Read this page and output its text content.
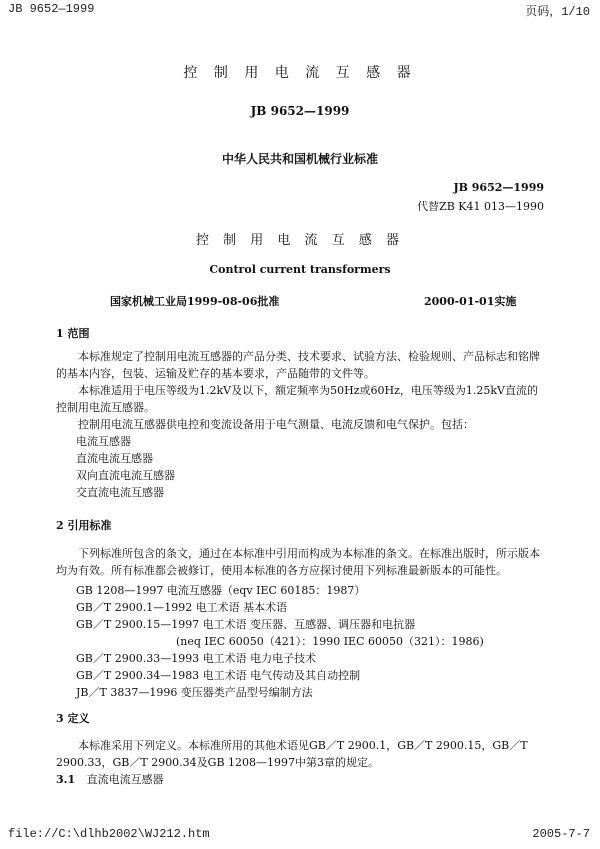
JB 9652—1999	页码，1/10
控 制 用 电 流 互 感 器
JB 9652—1999
中华人民共和国机械行业标准
JB 9652—1999
代替ZB K41 013—1990
控 制 用 电 流 互 感 器
Control current transformers
国家机械工业局1999-08-06批准	2000-01-01实施
1 范围
本标准规定了控制用电流互感器的产品分类、技术要求、试验方法、检验规则、产品标志和铭牌的基本内容，包装、运输及贮存的基本要求，产品随带的文件等。
本标准适用于电压等级为1.2kV及以下，额定频率为50Hz或60Hz，电压等级为1.25kV直流的控制用电流互感器。
控制用电流互感器供电控和变流设备用于电气测量、电流反馈和电气保护。包括：
电流互感器
直流电流互感器
双向直流电流互感器
交直流电流互感器
2 引用标准
下列标准所包含的条文，通过在本标准中引用而构成为本标准的条文。在标准出版时，所示版本均为有效。所有标准都会被修订，使用本标准的各方应探讨使用下列标准最新版本的可能性。
GB 1208—1997 电流互感器（eqv IEC 60185：1987）
GB／T 2900.1—1992 电工术语 基本术语
GB／T 2900.15—1997 电工术语 变压器、互感器、调压器和电抗器
(neq IEC 60050（421）：1990 IEC 60050（321）：1986)
GB／T 2900.33—1993 电工术语 电力电子技术
GB／T 2900.34—1983 电工术语 电气传动及其自动控制
JB／T 3837—1996 变压器类产品型号编制方法
3 定义
本标准采用下列定义。本标准所用的其他术语见GB／T 2900.1，GB／T 2900.15，GB／T 2900.33，GB／T 2900.34及GB 1208—1997中第3章的规定。
3.1 直流电流互感器
file://C:\dlhb2002\WJ212.htm	2005-7-7
